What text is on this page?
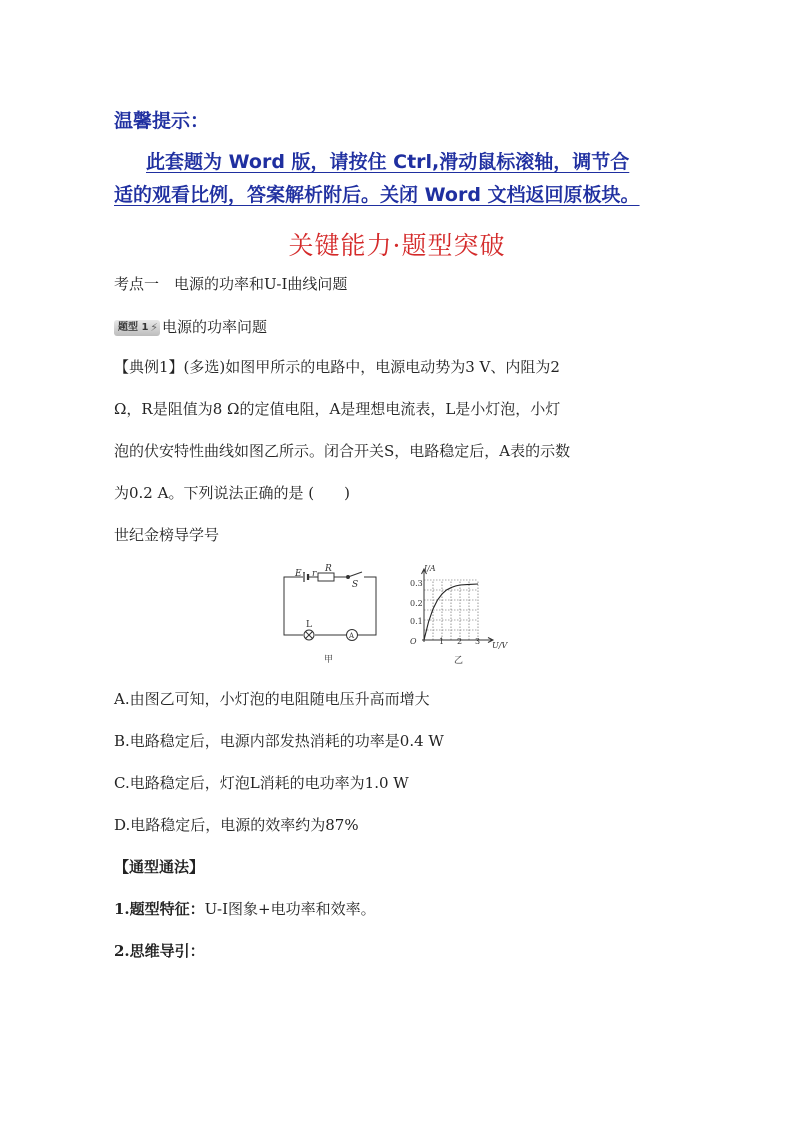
温馨提示：
此套题为 Word 版，请按住 Ctrl,滑动鼠标滚轴，调节合
适的观看比例，答案解析附后。关闭 Word 文档返回原板块。
关键能力·题型突破
考点一　电源的功率和U-I曲线问题
题型 1 ⚡ 电源的功率问题
【典例1】(多选)如图甲所示的电路中，电源电动势为3 V、内阻为2
Ω，R是阻值为8 Ω的定值电阻，A是理想电流表，L是小灯泡，小灯
泡的伏安特性曲线如图乙所示。闭合开关S，电路稳定后，A表的示数
为0.2 A。下列说法正确的是 (　　)
世纪金榜导学号
E r R
S
L
A
甲
I/A
U/V
O
0.3
0.2
0.1
1 2 3
乙
A.由图乙可知，小灯泡的电阻随电压升高而增大
B.电路稳定后，电源内部发热消耗的功率是0.4 W
C.电路稳定后，灯泡L消耗的电功率为1.0 W
D.电路稳定后，电源的效率约为87%
【通型通法】
1.题型特征：U-I图象+电功率和效率。
2.思维导引：
